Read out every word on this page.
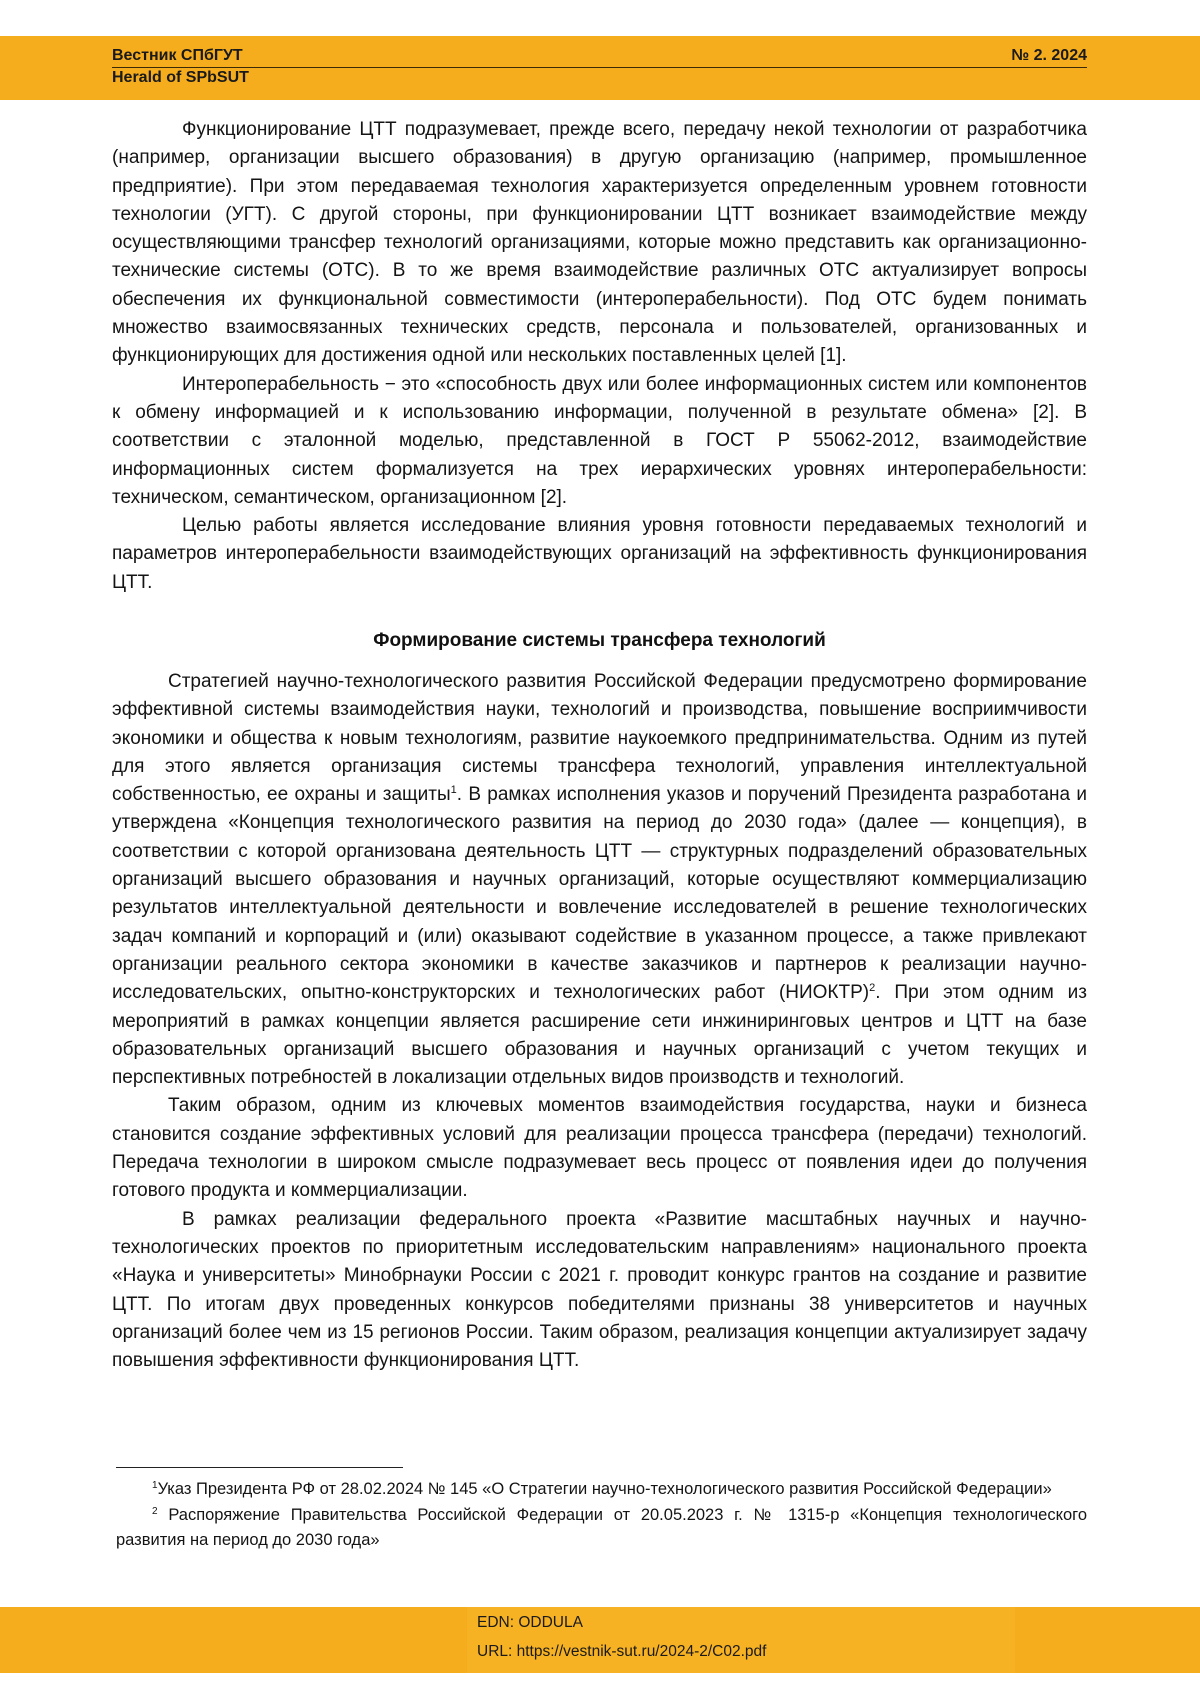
Вестник СПбГУТ
Herald of SPbSUT
№ 2. 2024

Функционирование ЦТТ подразумевает, прежде всего, передачу некой технологии от разработчика (например, организации высшего образования) в другую организацию (например, промышленное предприятие). При этом передаваемая технология характеризуется определенным уровнем готовности технологии (УГТ). С другой стороны, при функционировании ЦТТ возникает взаимодействие между осуществляющими трансфер технологий организациями, которые можно представить как организационно-технические системы (ОТС). В то же время взаимодействие различных ОТС актуализирует вопросы обеспечения их функциональной совместимости (интероперабельности). Под ОТС будем понимать множество взаимосвязанных технических средств, персонала и пользователей, организованных и функционирующих для достижения одной или нескольких поставленных целей [1].

Интероперабельность − это «способность двух или более информационных систем или компонентов к обмену информацией и к использованию информации, полученной в результате обмена» [2]. В соответствии с эталонной моделью, представленной в ГОСТ Р 55062-2012, взаимодействие информационных систем формализуется на трех иерархических уровнях интероперабельности: техническом, семантическом, организационном [2].

Целью работы является исследование влияния уровня готовности передаваемых технологий и параметров интероперабельности взаимодействующих организаций на эффективность функционирования ЦТТ.

Формирование системы трансфера технологий

Стратегией научно-технологического развития Российской Федерации предусмотрено формирование эффективной системы взаимодействия науки, технологий и производства, повышение восприимчивости экономики и общества к новым технологиям, развитие наукоемкого предпринимательства. Одним из путей для этого является организация системы трансфера технологий, управления интеллектуальной собственностью, ее охраны и защиты$^1$. В рамках исполнения указов и поручений Президента разработана и утверждена «Концепция технологического развития на период до 2030 года» (далее — концепция), в соответствии с которой организована деятельность ЦТТ — структурных подразделений образовательных организаций высшего образования и научных организаций, которые осуществляют коммерциализацию результатов интеллектуальной деятельности и вовлечение исследователей в решение технологических задач компаний и корпораций и (или) оказывают содействие в указанном процессе, а также привлекают организации реального сектора экономики в качестве заказчиков и партнеров к реализации научно-исследовательских, опытно-конструкторских и технологических работ (НИОКТР)$^2$. При этом одним из мероприятий в рамках концепции является расширение сети инжиниринговых центров и ЦТТ на базе образовательных организаций высшего образования и научных организаций с учетом текущих и перспективных потребностей в локализации отдельных видов производств и технологий.

Таким образом, одним из ключевых моментов взаимодействия государства, науки и бизнеса становится создание эффективных условий для реализации процесса трансфера (передачи) технологий. Передача технологии в широком смысле подразумевает весь процесс от появления идеи до получения готового продукта и коммерциализации.

В рамках реализации федерального проекта «Развитие масштабных научных и научно-технологических проектов по приоритетным исследовательским направлениям» национального проекта «Наука и университеты» Минобрнауки России с 2021 г. проводит конкурс грантов на создание и развитие ЦТТ. По итогам двух проведенных конкурсов победителями признаны 38 университетов и научных организаций более чем из 15 регионов России. Таким образом, реализация концепции актуализирует задачу повышения эффективности функционирования ЦТТ.

$^1$Указ Президента РФ от 28.02.2024 № 145 «О Стратегии научно-технологического развития Российской Федерации»

$^2$ Распоряжение Правительства Российской Федерации от 20.05.2023 г. № 1315-р «Концепция технологического развития на период до 2030 года»

EDN: ODDULA
URL: https://vestnik-sut.ru/2024-2/C02.pdf
